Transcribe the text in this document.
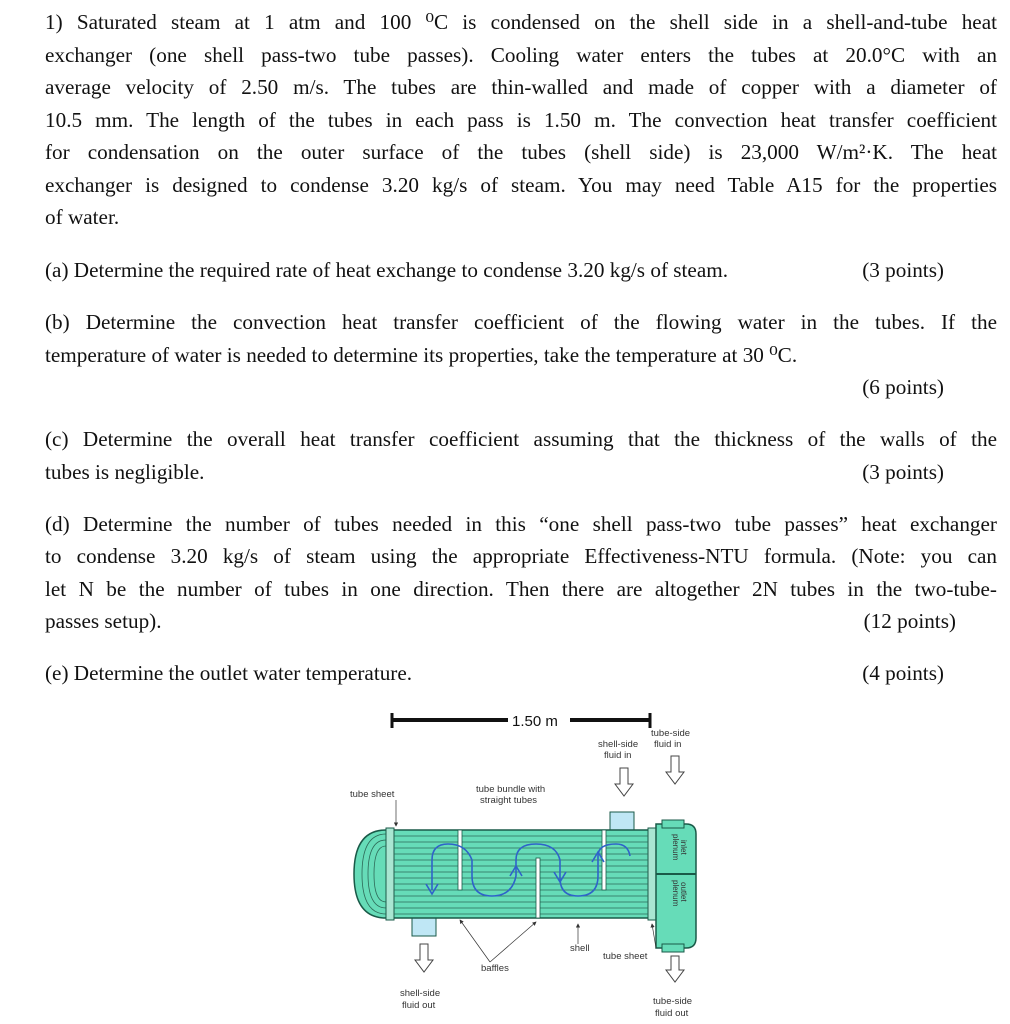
1) Saturated steam at 1 atm and 100 ⁰C is condensed on the shell side in a shell-and-tube heat
exchanger (one shell pass-two tube passes). Cooling water enters the tubes at 20.0°C with an
average velocity of 2.50 m/s. The tubes are thin-walled and made of copper with a diameter of
10.5 mm. The length of the tubes in each pass is 1.50 m. The convection heat transfer coefficient
for condensation on the outer surface of the tubes (shell side) is 23,000 W/m²·K. The heat
exchanger is designed to condense 3.20 kg/s of steam. You may need Table A15 for the properties
of water.
(a) Determine the required rate of heat exchange to condense 3.20 kg/s of steam.	(3 points)
(b) Determine the convection heat transfer coefficient of the flowing water in the tubes. If the
temperature of water is needed to determine its properties, take the temperature at 30 ⁰C.
(6 points)
(c) Determine the overall heat transfer coefficient assuming that the thickness of the walls of the
tubes is negligible.	(3 points)
(d) Determine the number of tubes needed in this “one shell pass-two tube passes” heat exchanger
to condense 3.20 kg/s of steam using the appropriate Effectiveness-NTU formula. (Note: you can
let N be the number of tubes in one direction. Then there are altogether 2N tubes in the two-tube-
passes setup).	(12 points)
(e) Determine the outlet water temperature.	(4 points)
1.50 m
tube-side
fluid in
shell-side
fluid in
tube sheet	tube bundle with
straight tubes
inlet
plenum
outlet
plenum
shell
tube sheet
baffles
shell-side
fluid out	tube-side
fluid out
